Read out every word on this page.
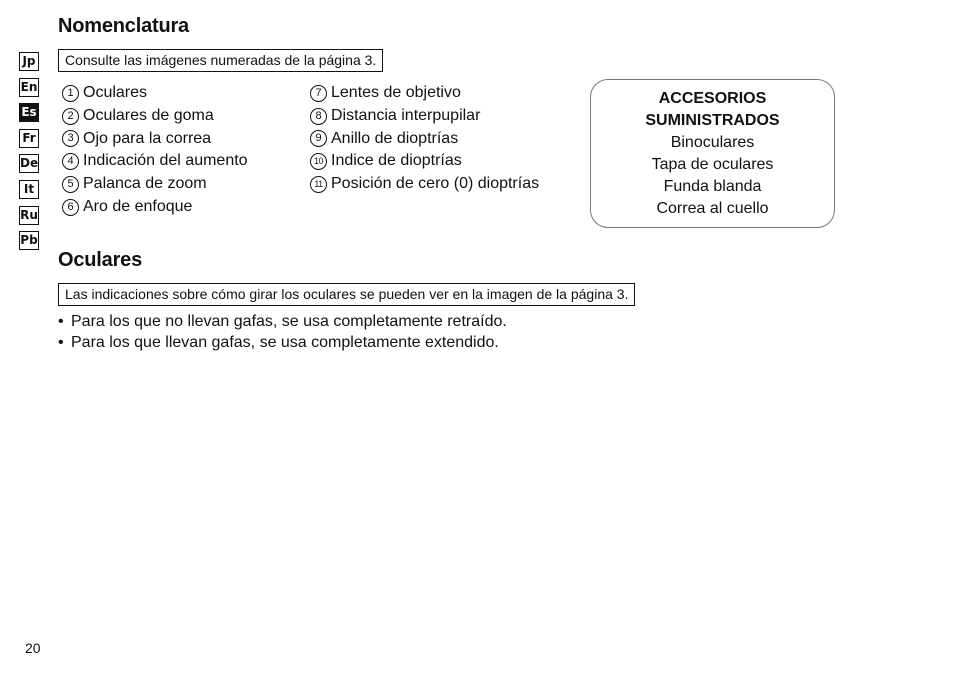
Jp
En
Es
Fr
De
It
Ru
Pb
Nomenclatura
Consulte las imágenes numeradas de la página 3.
1 Oculares
2 Oculares de goma
3 Ojo para la correa
4 Indicación del aumento
5 Palanca de zoom
6 Aro de enfoque
7 Lentes de objetivo
8 Distancia interpupilar
9 Anillo de dioptrías
10 Indice de dioptrías
11 Posición de cero (0) dioptrías
ACCESORIOS
SUMINISTRADOS
Binoculares
Tapa de oculares
Funda blanda
Correa al cuello
Oculares
Las indicaciones sobre cómo girar los oculares se pueden ver en la imagen de la página 3.
• Para los que no llevan gafas, se usa completamente retraído.
• Para los que llevan gafas, se usa completamente extendido.
20
